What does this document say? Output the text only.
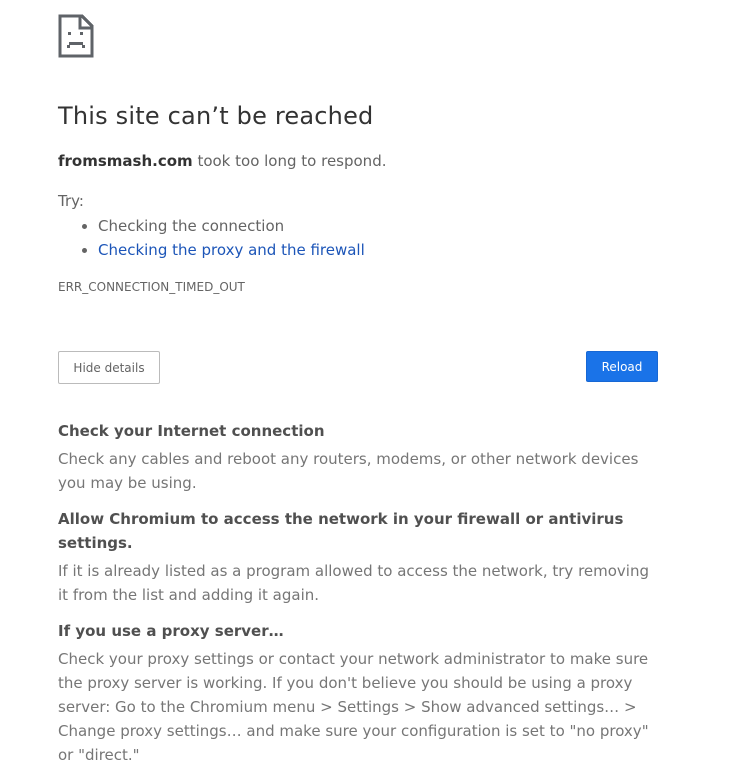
This site can’t be reached
fromsmash.com took too long to respond.
Try:
• Checking the connection
• Checking the proxy and the firewall
ERR_CONNECTION_TIMED_OUT
Hide details	Reload
Check your Internet connection

Check any cables and reboot any routers, modems, or other network devices you may be using.

Allow Chromium to access the network in your firewall or antivirus settings.

If it is already listed as a program allowed to access the network, try removing it from the list and adding it again.

If you use a proxy server…

Check your proxy settings or contact your network administrator to make sure the proxy server is working. If you don't believe you should be using a proxy server: Go to the Chromium menu > Settings > Show advanced settings… > Change proxy settings… and make sure your configuration is set to "no proxy" or "direct."
